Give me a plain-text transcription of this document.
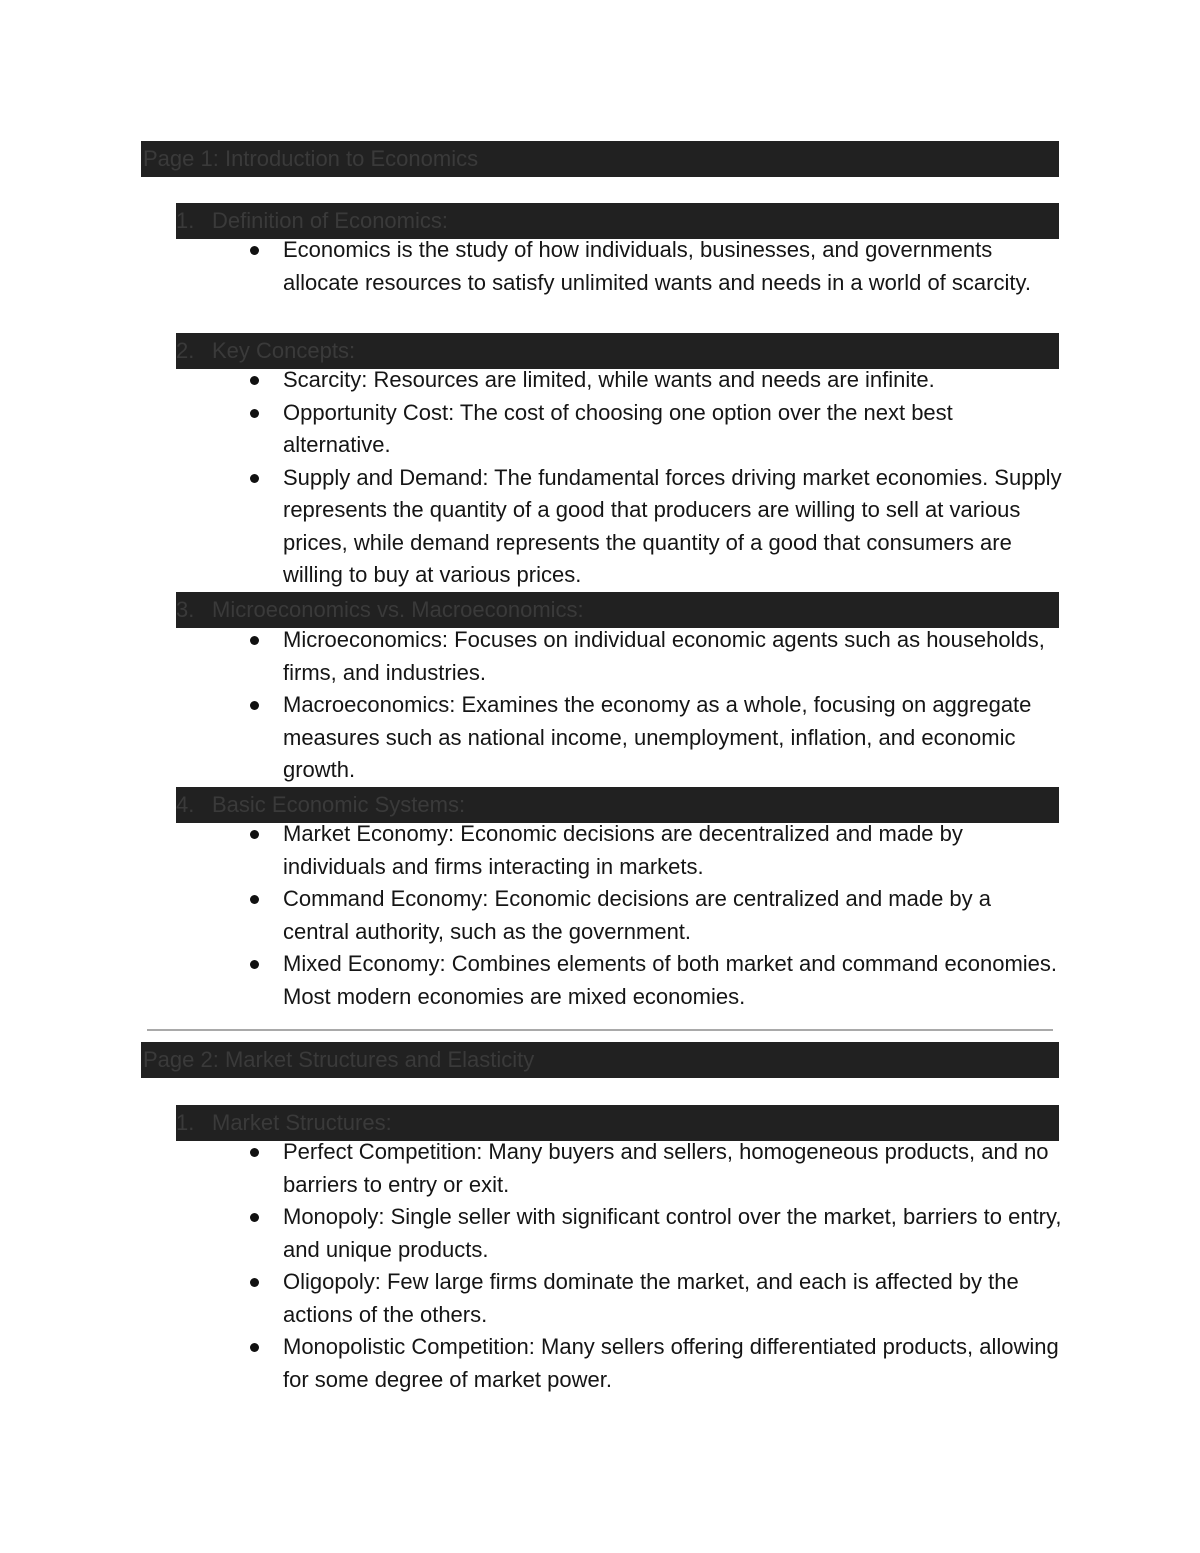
Page 1: Introduction to Economics
1. Definition of Economics:
Economics is the study of how individuals, businesses, and governments allocate resources to satisfy unlimited wants and needs in a world of scarcity.
2. Key Concepts:
Scarcity: Resources are limited, while wants and needs are infinite.
Opportunity Cost: The cost of choosing one option over the next best alternative.
Supply and Demand: The fundamental forces driving market economies. Supply represents the quantity of a good that producers are willing to sell at various prices, while demand represents the quantity of a good that consumers are willing to buy at various prices.
3. Microeconomics vs. Macroeconomics:
Microeconomics: Focuses on individual economic agents such as households, firms, and industries.
Macroeconomics: Examines the economy as a whole, focusing on aggregate measures such as national income, unemployment, inflation, and economic growth.
4. Basic Economic Systems:
Market Economy: Economic decisions are decentralized and made by individuals and firms interacting in markets.
Command Economy: Economic decisions are centralized and made by a central authority, such as the government.
Mixed Economy: Combines elements of both market and command economies. Most modern economies are mixed economies.
Page 2: Market Structures and Elasticity
1. Market Structures:
Perfect Competition: Many buyers and sellers, homogeneous products, and no barriers to entry or exit.
Monopoly: Single seller with significant control over the market, barriers to entry, and unique products.
Oligopoly: Few large firms dominate the market, and each is affected by the actions of the others.
Monopolistic Competition: Many sellers offering differentiated products, allowing for some degree of market power.
